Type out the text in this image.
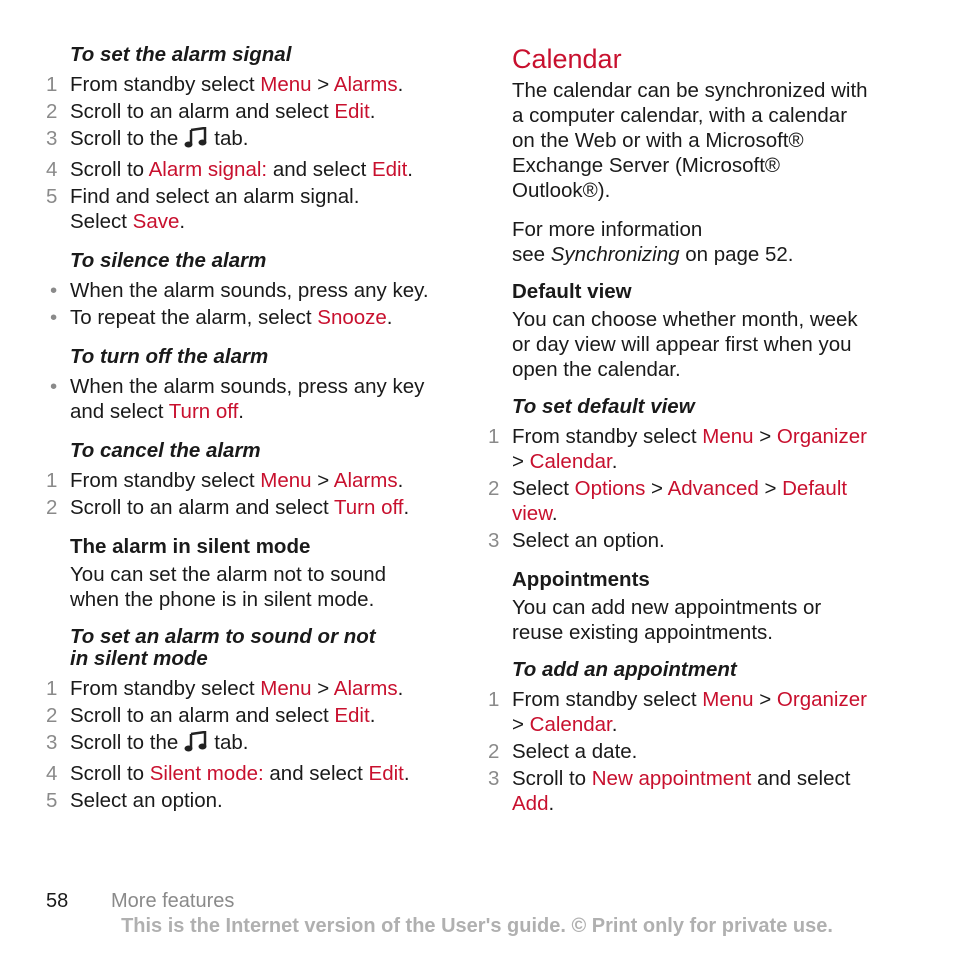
To set the alarm signal
1 From standby select Menu > Alarms.
2 Scroll to an alarm and select Edit.
3 Scroll to the tab.
4 Scroll to Alarm signal: and select Edit.
5 Find and select an alarm signal.
Select Save.
To silence the alarm
• When the alarm sounds, press any key.
• To repeat the alarm, select Snooze.
To turn off the alarm
• When the alarm sounds, press any key
and select Turn off.
To cancel the alarm
1 From standby select Menu > Alarms.
2 Scroll to an alarm and select Turn off.
The alarm in silent mode
You can set the alarm not to sound
when the phone is in silent mode.
To set an alarm to sound or not
in silent mode
1 From standby select Menu > Alarms.
2 Scroll to an alarm and select Edit.
3 Scroll to the tab.
4 Scroll to Silent mode: and select Edit.
5 Select an option.
Calendar
The calendar can be synchronized with
a computer calendar, with a calendar
on the Web or with a Microsoft®
Exchange Server (Microsoft®
Outlook®).
For more information
see Synchronizing on page 52.
Default view
You can choose whether month, week
or day view will appear first when you
open the calendar.
To set default view
1 From standby select Menu > Organizer
> Calendar.
2 Select Options > Advanced > Default
view.
3 Select an option.
Appointments
You can add new appointments or
reuse existing appointments.
To add an appointment
1 From standby select Menu > Organizer
> Calendar.
2 Select a date.
3 Scroll to New appointment and select
Add.
58 More features
This is the Internet version of the User's guide. © Print only for private use.
